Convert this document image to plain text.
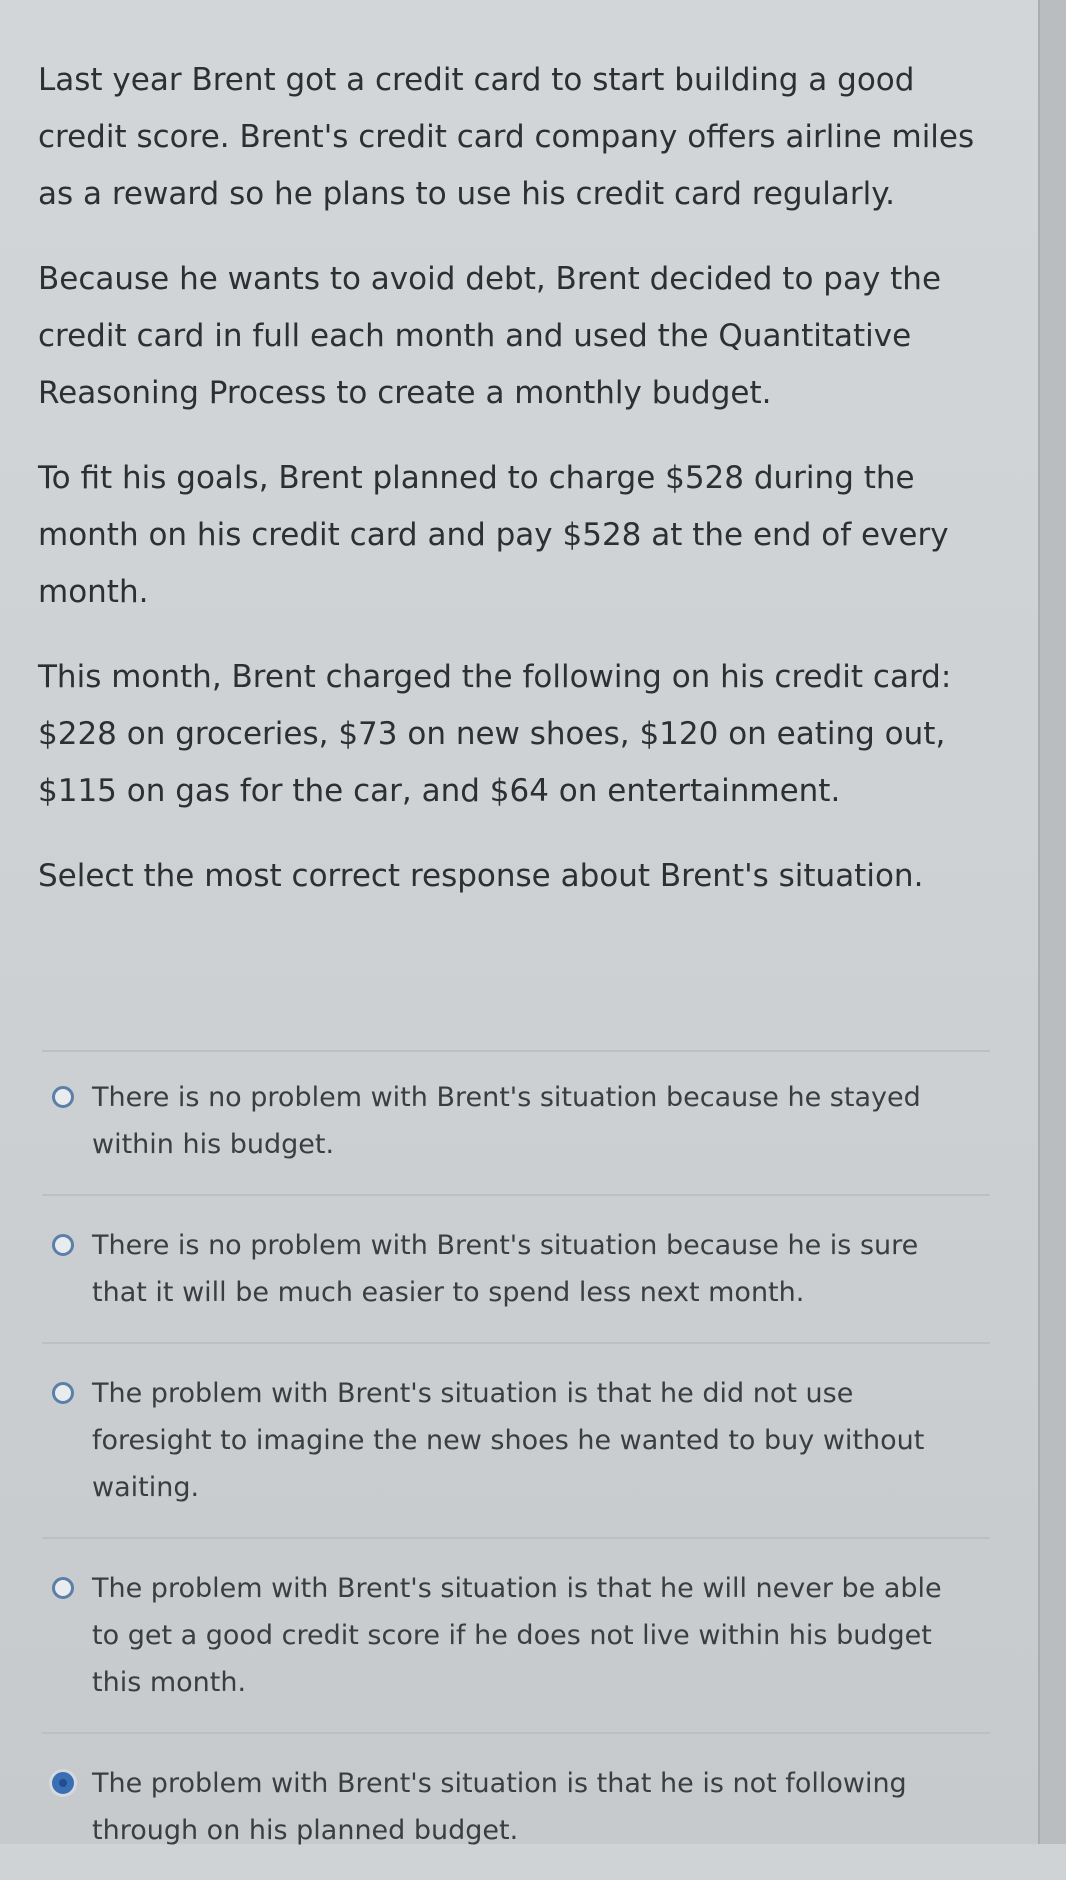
Last year Brent got a credit card to start building a good credit score. Brent's credit card company offers airline miles as a reward so he plans to use his credit card regularly.

Because he wants to avoid debt, Brent decided to pay the credit card in full each month and used the Quantitative Reasoning Process to create a monthly budget.

To fit his goals, Brent planned to charge $528 during the month on his credit card and pay $528 at the end of every month.

This month, Brent charged the following on his credit card: $228 on groceries, $73 on new shoes, $120 on eating out, $115 on gas for the car, and $64 on entertainment.

Select the most correct response about Brent's situation.

There is no problem with Brent's situation because he stayed within his budget.
There is no problem with Brent's situation because he is sure that it will be much easier to spend less next month.
The problem with Brent's situation is that he did not use foresight to imagine the new shoes he wanted to buy without waiting.
The problem with Brent's situation is that he will never be able to get a good credit score if he does not live within his budget this month.
The problem with Brent's situation is that he is not following through on his planned budget.
